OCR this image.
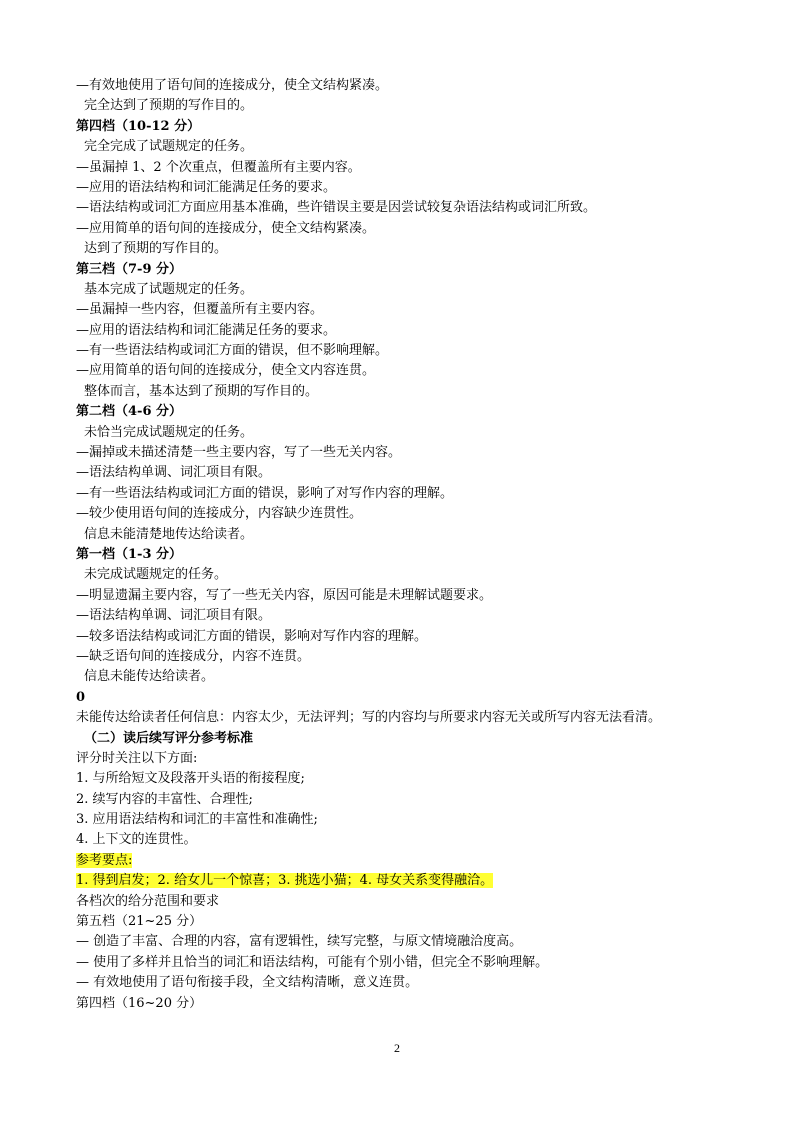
—有效地使用了语句间的连接成分，使全文结构紧凑。
完全达到了预期的写作目的。
第四档（10-12 分）
完全完成了试题规定的任务。
—虽漏掉 1、2 个次重点，但覆盖所有主要内容。
—应用的语法结构和词汇能满足任务的要求。
—语法结构或词汇方面应用基本准确，些许错误主要是因尝试较复杂语法结构或词汇所致。
—应用简单的语句间的连接成分，使全文结构紧凑。
达到了预期的写作目的。
第三档（7-9 分）
基本完成了试题规定的任务。
—虽漏掉一些内容，但覆盖所有主要内容。
—应用的语法结构和词汇能满足任务的要求。
—有一些语法结构或词汇方面的错误，但不影响理解。
—应用简单的语句间的连接成分，使全文内容连贯。
整体而言，基本达到了预期的写作目的。
第二档（4-6 分）
未恰当完成试题规定的任务。
—漏掉或未描述清楚一些主要内容，写了一些无关内容。
—语法结构单调、词汇项目有限。
—有一些语法结构或词汇方面的错误，影响了对写作内容的理解。
—较少使用语句间的连接成分，内容缺少连贯性。
信息未能清楚地传达给读者。
第一档（1-3 分）
未完成试题规定的任务。
—明显遗漏主要内容，写了一些无关内容，原因可能是未理解试题要求。
—语法结构单调、词汇项目有限。
—较多语法结构或词汇方面的错误，影响对写作内容的理解。
—缺乏语句间的连接成分，内容不连贯。
信息未能传达给读者。
0
未能传达给读者任何信息：内容太少，无法评判；写的内容均与所要求内容无关或所写内容无法看清。
（二）读后续写评分参考标准
评分时关注以下方面:
1. 与所给短文及段落开头语的衔接程度;
2. 续写内容的丰富性、合理性;
3. 应用语法结构和词汇的丰富性和准确性;
4. 上下文的连贯性。
参考要点:
1. 得到启发；2. 给女儿一个惊喜；3. 挑选小猫；4. 母女关系变得融洽。
各档次的给分范围和要求
第五档（21~25 分）
— 创造了丰富、合理的内容，富有逻辑性，续写完整，与原文情境融洽度高。
— 使用了多样并且恰当的词汇和语法结构，可能有个别小错，但完全不影响理解。
— 有效地使用了语句衔接手段，全文结构清晰，意义连贯。
第四档（16~20 分）
2
